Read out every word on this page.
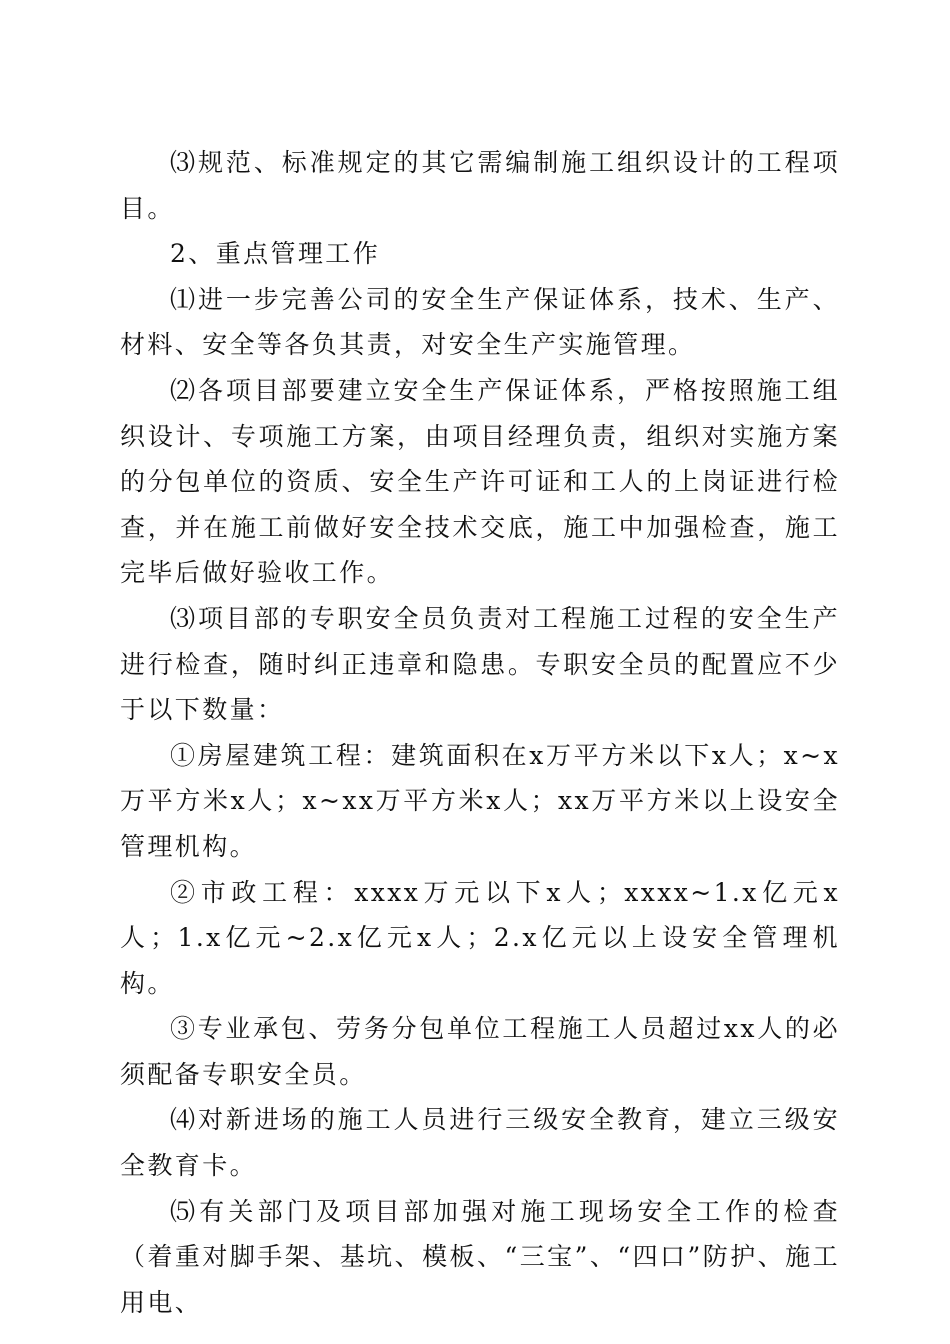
⑶规范、标准规定的其它需编制施工组织设计的工程项目。

2、重点管理工作

⑴进一步完善公司的安全生产保证体系，技术、生产、材料、安全等各负其责，对安全生产实施管理。

⑵各项目部要建立安全生产保证体系，严格按照施工组织设计、专项施工方案，由项目经理负责，组织对实施方案的分包单位的资质、安全生产许可证和工人的上岗证进行检查，并在施工前做好安全技术交底，施工中加强检查，施工完毕后做好验收工作。

⑶项目部的专职安全员负责对工程施工过程的安全生产进行检查，随时纠正违章和隐患。专职安全员的配置应不少于以下数量：

①房屋建筑工程：建筑面积在x万平方米以下x人；x~x万平方米x人；x~xx万平方米x人；xx万平方米以上设安全管理机构。

②市政工程：xxxx万元以下x人；xxxx~1.x亿元x人；1.x亿元~2.x亿元x人；2.x亿元以上设安全管理机构。

③专业承包、劳务分包单位工程施工人员超过xx人的必须配备专职安全员。

⑷对新进场的施工人员进行三级安全教育，建立三级安全教育卡。

⑸有关部门及项目部加强对施工现场安全工作的检查（着重对脚手架、基坑、模板、“三宝”、“四口”防护、施工用电、
